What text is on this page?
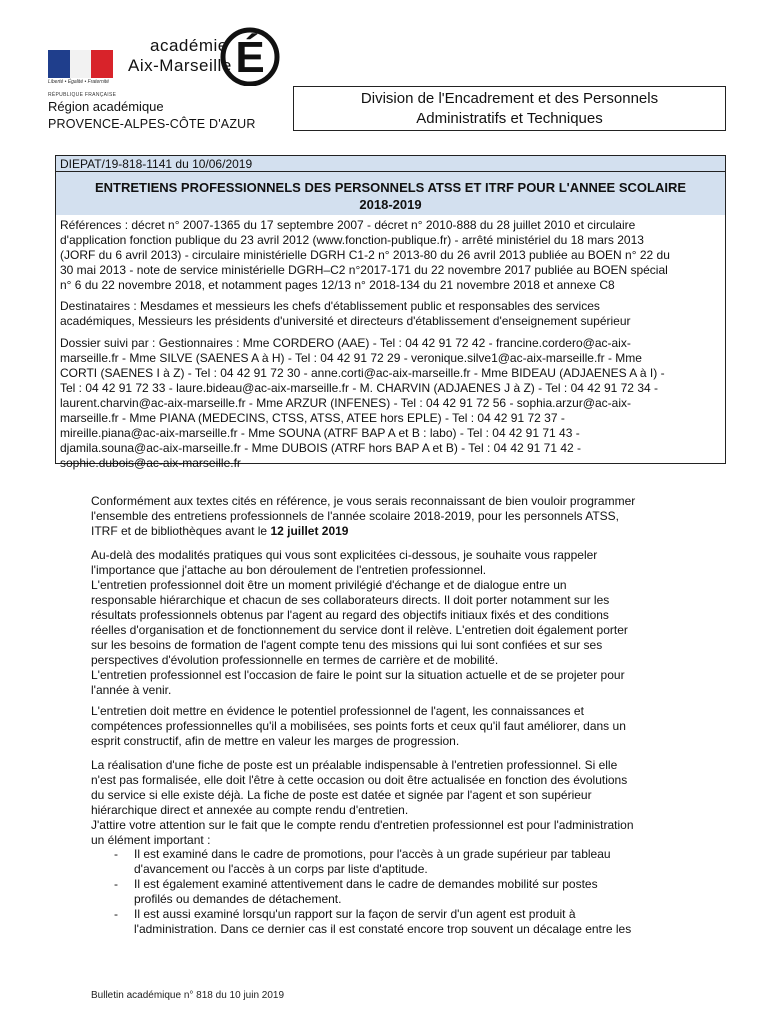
Liberté • Égalité • Fraternité
RÉPUBLIQUE FRANÇAISE
académie
Aix-Marseille É
Région académique
PROVENCE-ALPES-CÔTE D'AZUR
Division de l'Encadrement et des Personnels
Administratifs et Techniques
DIEPAT/19-818-1141 du 10/06/2019
ENTRETIENS PROFESSIONNELS DES PERSONNELS ATSS ET ITRF POUR L'ANNEE SCOLAIRE
2018-2019
Références : décret n° 2007-1365 du 17 septembre 2007 - décret n° 2010-888 du 28 juillet 2010 et circulaire
d'application fonction publique du 23 avril 2012 (www.fonction-publique.fr) - arrêté ministériel du 18 mars 2013
(JORF du 6 avril 2013) - circulaire ministérielle DGRH C1-2 n° 2013-80 du 26 avril 2013 publiée au BOEN n° 22 du
30 mai 2013 - note de service ministérielle DGRH–C2 n°2017-171 du 22 novembre 2017 publiée au BOEN spécial
n° 6 du 22 novembre 2018, et notamment pages 12/13 n° 2018-134 du 21 novembre 2018 et annexe C8
Destinataires : Mesdames et messieurs les chefs d'établissement public et responsables des services
académiques, Messieurs les présidents d'université et directeurs d'établissement d'enseignement supérieur
Dossier suivi par : Gestionnaires : Mme CORDERO (AAE) - Tel : 04 42 91 72 42 - francine.cordero@ac-aix-
marseille.fr - Mme SILVE (SAENES A à H) - Tel : 04 42 91 72 29 - veronique.silve1@ac-aix-marseille.fr - Mme
CORTI (SAENES I à Z) - Tel : 04 42 91 72 30 - anne.corti@ac-aix-marseille.fr - Mme BIDEAU (ADJAENES A à I) -
Tel : 04 42 91 72 33 - laure.bideau@ac-aix-marseille.fr - M. CHARVIN (ADJAENES J à Z) - Tel : 04 42 91 72 34 -
laurent.charvin@ac-aix-marseille.fr - Mme ARZUR (INFENES) - Tel : 04 42 91 72 56 - sophia.arzur@ac-aix-
marseille.fr - Mme PIANA (MEDECINS, CTSS, ATSS, ATEE hors EPLE) - Tel : 04 42 91 72 37 -
mireille.piana@ac-aix-marseille.fr - Mme SOUNA (ATRF BAP A et B : labo) - Tel : 04 42 91 71 43 -
djamila.souna@ac-aix-marseille.fr - Mme DUBOIS (ATRF hors BAP A et B) - Tel : 04 42 91 71 42 -
sophie.dubois@ac-aix-marseille.fr
Conformément aux textes cités en référence, je vous serais reconnaissant de bien vouloir programmer
l'ensemble des entretiens professionnels de l'année scolaire 2018-2019, pour les personnels ATSS,
ITRF et de bibliothèques avant le 12 juillet 2019
Au-delà des modalités pratiques qui vous sont explicitées ci-dessous, je souhaite vous rappeler
l'importance que j'attache au bon déroulement de l'entretien professionnel.
L'entretien professionnel doit être un moment privilégié d'échange et de dialogue entre un
responsable hiérarchique et chacun de ses collaborateurs directs. Il doit porter notamment sur les
résultats professionnels obtenus par l'agent au regard des objectifs initiaux fixés et des conditions
réelles d'organisation et de fonctionnement du service dont il relève. L'entretien doit également porter
sur les besoins de formation de l'agent compte tenu des missions qui lui sont confiées et sur ses
perspectives d'évolution professionnelle en termes de carrière et de mobilité.
L'entretien professionnel est l'occasion de faire le point sur la situation actuelle et de se projeter pour
l'année à venir.
L'entretien doit mettre en évidence le potentiel professionnel de l'agent, les connaissances et
compétences professionnelles qu'il a mobilisées, ses points forts et ceux qu'il faut améliorer, dans un
esprit constructif, afin de mettre en valeur les marges de progression.
La réalisation d'une fiche de poste est un préalable indispensable à l'entretien professionnel. Si elle
n'est pas formalisée, elle doit l'être à cette occasion ou doit être actualisée en fonction des évolutions
du service si elle existe déjà. La fiche de poste est datée et signée par l'agent et son supérieur
hiérarchique direct et annexée au compte rendu d'entretien.
J'attire votre attention sur le fait que le compte rendu d'entretien professionnel est pour l'administration
un élément important :
- Il est examiné dans le cadre de promotions, pour l'accès à un grade supérieur par tableau
d'avancement ou l'accès à un corps par liste d'aptitude.
- Il est également examiné attentivement dans le cadre de demandes mobilité sur postes
profilés ou demandes de détachement.
- Il est aussi examiné lorsqu'un rapport sur la façon de servir d'un agent est produit à
l'administration. Dans ce dernier cas il est constaté encore trop souvent un décalage entre les
Bulletin académique n° 818 du 10 juin 2019
